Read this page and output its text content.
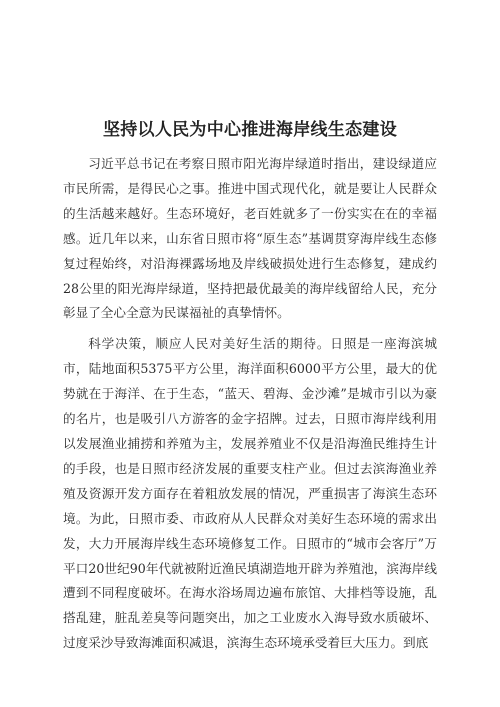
坚持以人民为中心推进海岸线生态建设

习近平总书记在考察日照市阳光海岸绿道时指出，建设绿道应市民所需，是得民心之事。推进中国式现代化，就是要让人民群众的生活越来越好。生态环境好，老百姓就多了一份实实在在的幸福感。近几年以来，山东省日照市将“原生态”基调贯穿海岸线生态修复过程始终，对沿海裸露场地及岸线破损处进行生态修复，建成约28公里的阳光海岸绿道，坚持把最优最美的海岸线留给人民，充分彰显了全心全意为民谋福祉的真挚情怀。

科学决策，顺应人民对美好生活的期待。日照是一座海滨城市，陆地面积5375平方公里，海洋面积6000平方公里，最大的优势就在于海洋、在于生态，“蓝天、碧海、金沙滩”是城市引以为豪的名片，也是吸引八方游客的金字招牌。过去，日照市海岸线利用以发展渔业捕捞和养殖为主，发展养殖业不仅是沿海渔民维持生计的手段，也是日照市经济发展的重要支柱产业。但过去滨海渔业养殖及资源开发方面存在着粗放发展的情况，严重损害了海滨生态环境。为此，日照市委、市政府从人民群众对美好生态环境的需求出发，大力开展海岸线生态环境修复工作。日照市的“城市会客厅”万平口20世纪90年代就被附近渔民填湖造地开辟为养殖池，滨海岸线遭到不同程度破坏。在海水浴场周边遍布旅馆、大排档等设施，乱搭乱建，脏乱差臭等问题突出，加之工业废水入海导致水质破坏、过度采沙导致海滩面积减退，滨海生态环境承受着巨大压力。到底
